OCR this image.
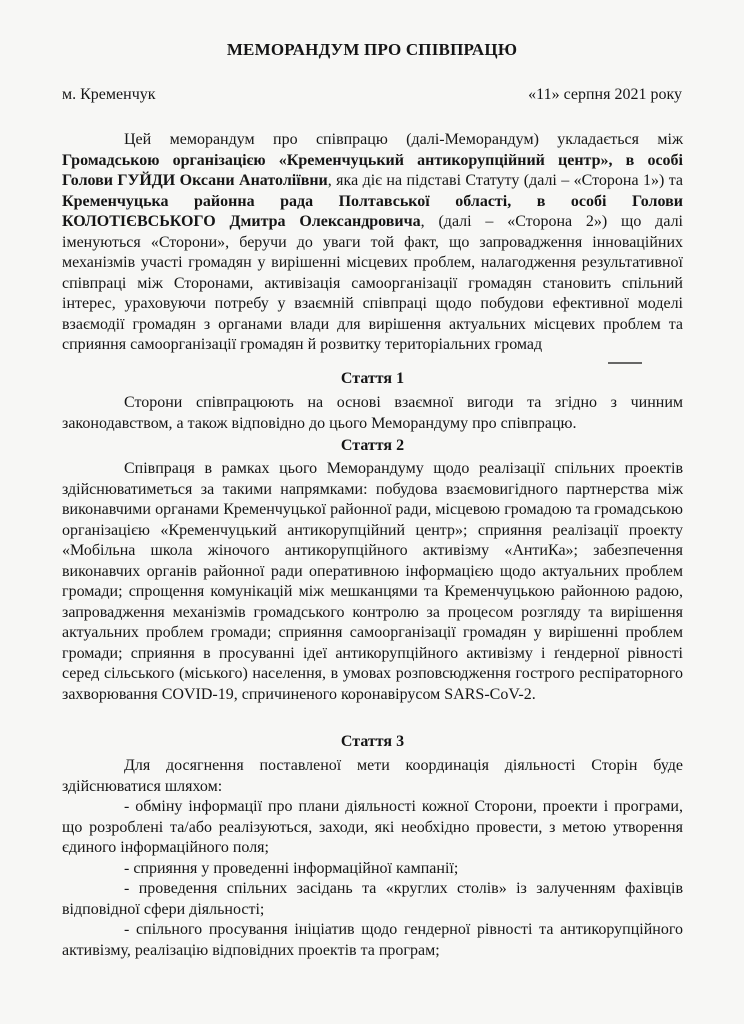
МЕМОРАНДУМ ПРО СПІВПРАЦЮ
м. Кременчук	«11» серпня 2021 року

Цей меморандум про співпрацю (далі-Меморандум) укладається між Громадською організацією «Кременчуцький антикорупційний центр», в особі Голови ГУЙДИ Оксани Анатоліївни, яка діє на підставі Статуту (далі – «Сторона 1») та Кременчуцька районна рада Полтавської області, в особі Голови КОЛОТІЄВСЬКОГО Дмитра Олександровича, (далі – «Сторона 2») що далі іменуються «Сторони», беручи до уваги той факт, що запровадження інноваційних механізмів участі громадян у вирішенні місцевих проблем, налагодження результативної співпраці між Сторонами, активізація самоорганізації громадян становить спільний інтерес, ураховуючи потребу у взаємній співпраці щодо побудови ефективної моделі взаємодії громадян з органами влади для вирішення актуальних місцевих проблем та сприяння самоорганізації громадян й розвитку територіальних громад

Стаття 1

Сторони співпрацюють на основі взаємної вигоди та згідно з чинним законодавством, а також відповідно до цього Меморандуму про співпрацю.

Стаття 2

Співпраця в рамках цього Меморандуму щодо реалізації спільних проектів здійснюватиметься за такими напрямками: побудова взаємовигідного партнерства між виконавчими органами Кременчуцької районної ради, місцевою громадою та громадською організацією «Кременчуцький антикорупційний центр»; сприяння реалізації проекту «Мобільна школа жіночого антикорупційного активізму «АнтиКа»; забезпечення виконавчих органів районної ради оперативною інформацією щодо актуальних проблем громади; спрощення комунікацій між мешканцями та Кременчуцькою районною радою, запровадження механізмів громадського контролю за процесом розгляду та вирішення актуальних проблем громади; сприяння самоорганізації громадян у вирішенні проблем громади; сприяння в просуванні ідеї антикорупційного активізму і ґендерної рівності серед сільського (міського) населення, в умовах розповсюдження гострого респіраторного захворювання COVID-19, спричиненого коронавірусом SARS-CoV-2.

Стаття 3

Для досягнення поставленої мети координація діяльності Сторін буде здійснюватися шляхом:

- обміну інформації про плани діяльності кожної Сторони, проекти і програми, що розроблені та/або реалізуються, заходи, які необхідно провести, з метою утворення єдиного інформаційного поля;

- сприяння у проведенні інформаційної кампанії;

- проведення спільних засідань та «круглих столів» із залученням фахівців відповідної сфери діяльності;

- спільного просування ініціатив щодо гендерної рівності та антикорупційного активізму, реалізацію відповідних проектів та програм;
